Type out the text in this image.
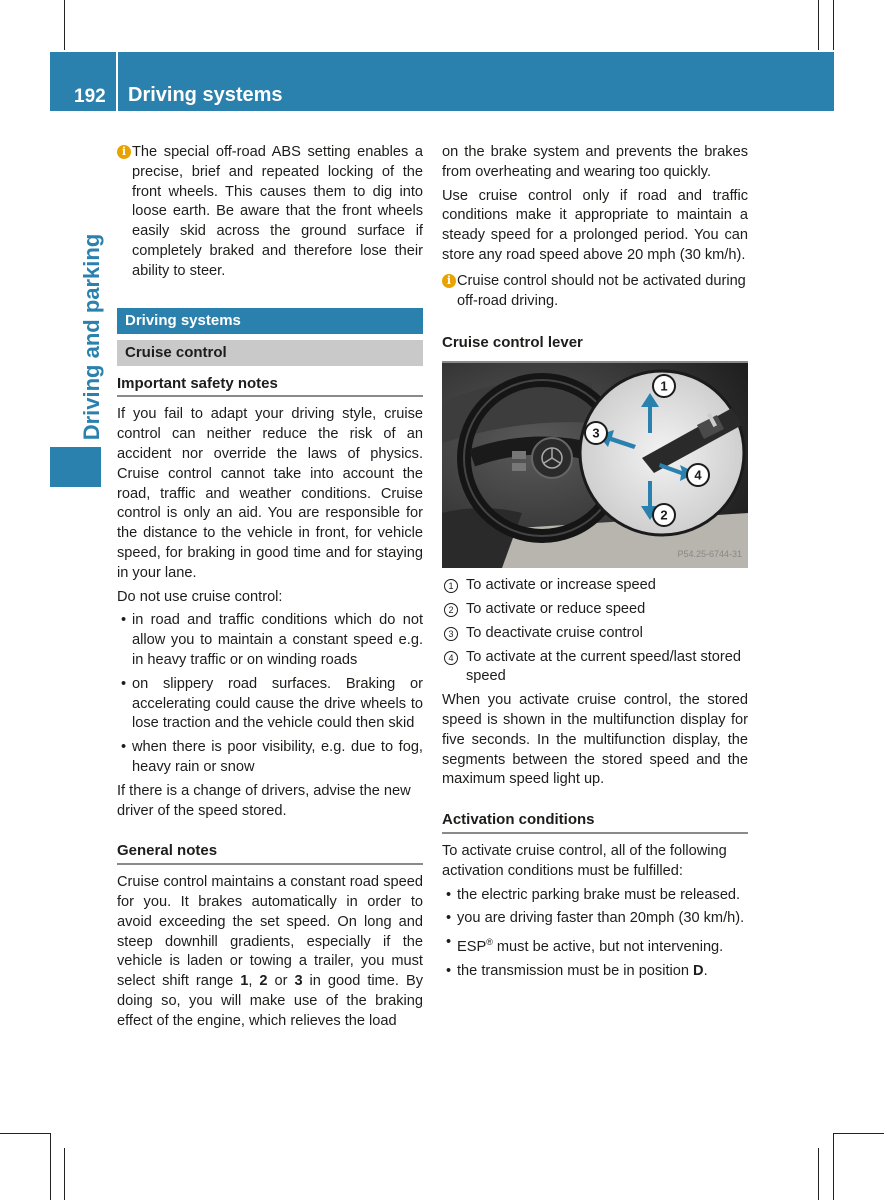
192 Driving systems
Driving and parking
i The special off-road ABS setting enables a precise, brief and repeated locking of the front wheels. This causes them to dig into loose earth. Be aware that the front wheels easily skid across the ground surface if completely braked and therefore lose their ability to steer.
Driving systems
Cruise control
Important safety notes

If you fail to adapt your driving style, cruise control can neither reduce the risk of an accident nor override the laws of physics. Cruise control cannot take into account the road, traffic and weather conditions. Cruise control is only an aid. You are responsible for the distance to the vehicle in front, for vehicle speed, for braking in good time and for staying in your lane.

Do not use cruise control:

• in road and traffic conditions which do not allow you to maintain a constant speed e.g. in heavy traffic or on winding roads
• on slippery road surfaces. Braking or accelerating could cause the drive wheels to lose traction and the vehicle could then skid
• when there is poor visibility, e.g. due to fog, heavy rain or snow

If there is a change of drivers, advise the new driver of the speed stored.

General notes

Cruise control maintains a constant road speed for you. It brakes automatically in order to avoid exceeding the set speed. On long and steep downhill gradients, especially if the vehicle is laden or towing a trailer, you must select shift range 1, 2 or 3 in good time. By doing so, you will make use of the braking effect of the engine, which relieves the load

on the brake system and prevents the brakes from overheating and wearing too quickly.

Use cruise control only if road and traffic conditions make it appropriate to maintain a steady speed for a prolonged period. You can store any road speed above 20 mph (30 km/h).

i Cruise control should not be activated during off-road driving.
Cruise control lever
1
2
3
4
P54.25-6744-31
1 To activate or increase speed
2 To activate or reduce speed
3 To deactivate cruise control
4 To activate at the current speed/last stored speed

When you activate cruise control, the stored speed is shown in the multifunction display for five seconds. In the multifunction display, the segments between the stored speed and the maximum speed light up.

Activation conditions

To activate cruise control, all of the following activation conditions must be fulfilled:

• the electric parking brake must be released.
• you are driving faster than 20mph (30 km/h).
• ESP® must be active, but not intervening.
• the transmission must be in position D.
